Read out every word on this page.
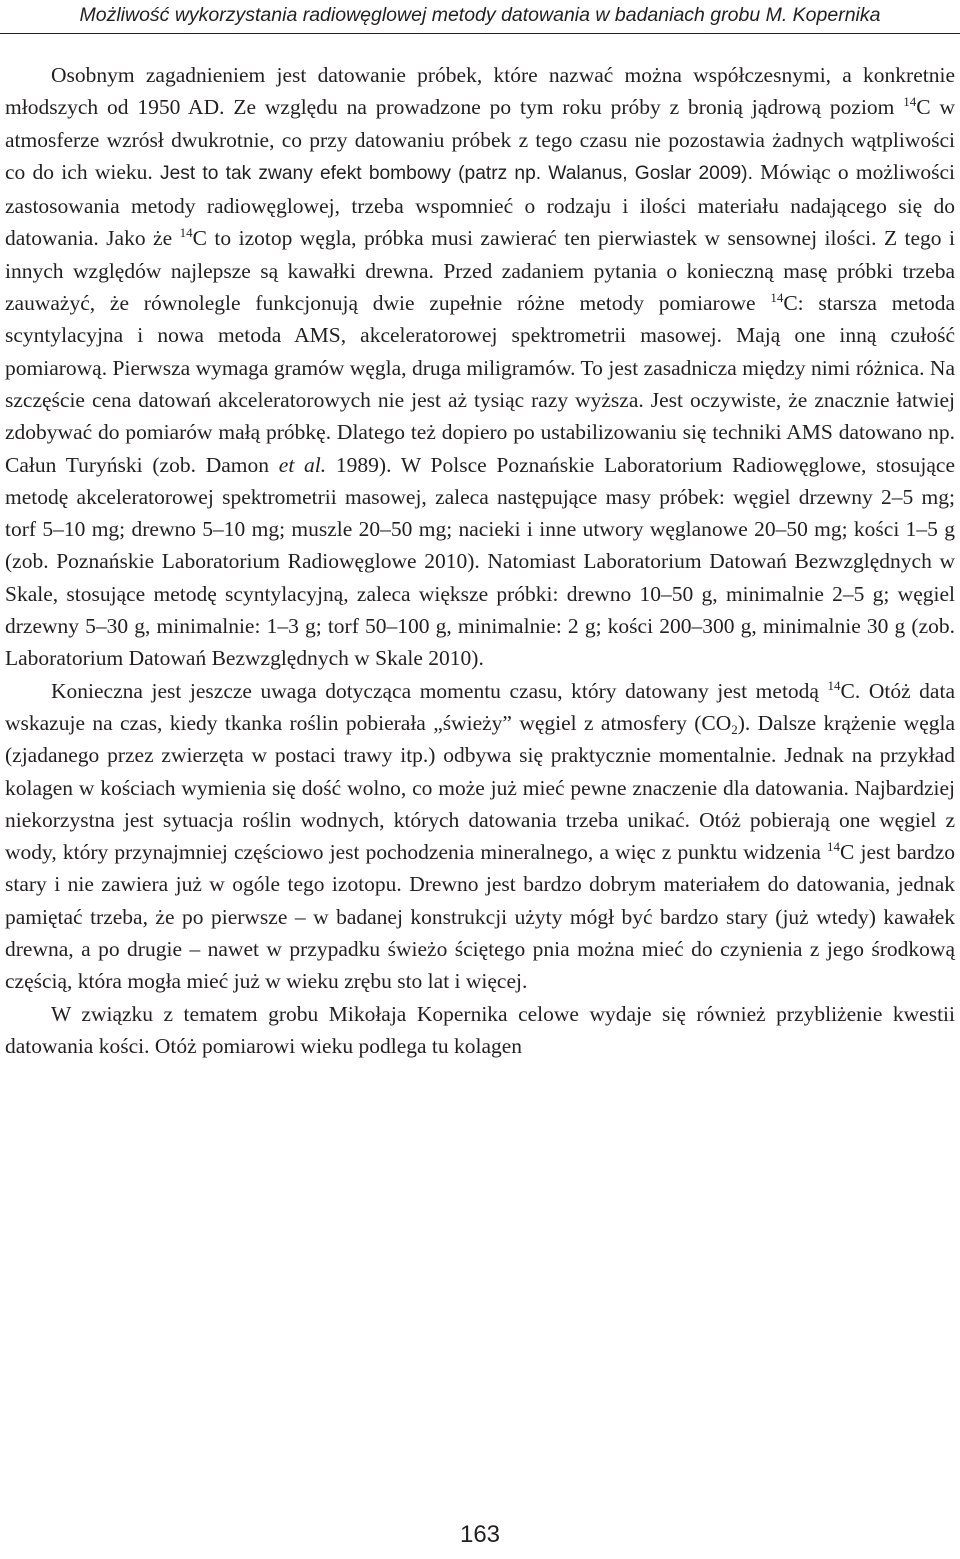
Możliwość wykorzystania radiowęglowej metody datowania w badaniach grobu M. Kopernika

Osobnym zagadnieniem jest datowanie próbek, które nazwać można współczesnymi, a konkretnie młodszych od 1950 AD. Ze względu na prowadzone po tym roku próby z bronią jądrową poziom $^{14}$C w atmosferze wzrósł dwukrotnie, co przy datowaniu próbek z tego czasu nie pozostawia żadnych wątpliwości co do ich wieku. Jest to tak zwany efekt bombowy (patrz np. Walanus, Goslar 2009). Mówiąc o możliwości zastosowania metody radiowęglowej, trzeba wspomnieć o rodzaju i ilości materiału nadającego się do datowania. Jako że $^{14}$C to izotop węgla, próbka musi zawierać ten pierwiastek w sensownej ilości. Z tego i innych względów najlepsze są kawałki drewna. Przed zadaniem pytania o konieczną masę próbki trzeba zauważyć, że równolegle funkcjonują dwie zupełnie różne metody pomiarowe $^{14}$C: starsza metoda scyntylacyjna i nowa metoda AMS, akceleratorowej spektrometrii masowej. Mają one inną czułość pomiarową. Pierwsza wymaga gramów węgla, druga miligramów. To jest zasadnicza między nimi różnica. Na szczęście cena datowań akceleratorowych nie jest aż tysiąc razy wyższa. Jest oczywiste, że znacznie łatwiej zdobywać do pomiarów małą próbkę. Dlatego też dopiero po ustabilizowaniu się techniki AMS datowano np. Całun Turyński (zob. Damon et al. 1989). W Polsce Poznańskie Laboratorium Radiowęglowe, stosujące metodę akceleratorowej spektrometrii masowej, zaleca następujące masy próbek: węgiel drzewny 2–5 mg; torf 5–10 mg; drewno 5–10 mg; muszle 20–50 mg; nacieki i inne utwory węglanowe 20–50 mg; kości 1–5 g (zob. Poznańskie Laboratorium Radiowęglowe 2010). Natomiast Laboratorium Datowań Bezwzględnych w Skale, stosujące metodę scyntylacyjną, zaleca większe próbki: drewno 10–50 g, minimalnie 2–5 g; węgiel drzewny 5–30 g, minimalnie: 1–3 g; torf 50–100 g, minimalnie: 2 g; kości 200–300 g, minimalnie 30 g (zob. Laboratorium Datowań Bezwzględnych w Skale 2010).

Konieczna jest jeszcze uwaga dotycząca momentu czasu, który datowany jest metodą $^{14}$C. Otóż data wskazuje na czas, kiedy tkanka roślin pobierała „świeży” węgiel z atmosfery $(CO_2)$. Dalsze krążenie węgla (zjadanego przez zwierzęta w postaci trawy itp.) odbywa się praktycznie momentalnie. Jednak na przykład kolagen w kościach wymienia się dość wolno, co może już mieć pewne znaczenie dla datowania. Najbardziej niekorzystna jest sytuacja roślin wodnych, których datowania trzeba unikać. Otóż pobierają one węgiel z wody, który przynajmniej częściowo jest pochodzenia mineralnego, a więc z punktu widzenia $^{14}$C jest bardzo stary i nie zawiera już w ogóle tego izotopu. Drewno jest bardzo dobrym materiałem do datowania, jednak pamiętać trzeba, że po pierwsze – w badanej konstrukcji użyty mógł być bardzo stary (już wtedy) kawałek drewna, a po drugie – nawet w przypadku świeżo ściętego pnia można mieć do czynienia z jego środkową częścią, która mogła mieć już w wieku zrębu sto lat i więcej.

W związku z tematem grobu Mikołaja Kopernika celowe wydaje się również przybliżenie kwestii datowania kości. Otóż pomiarowi wieku podlega tu kolagen

163
